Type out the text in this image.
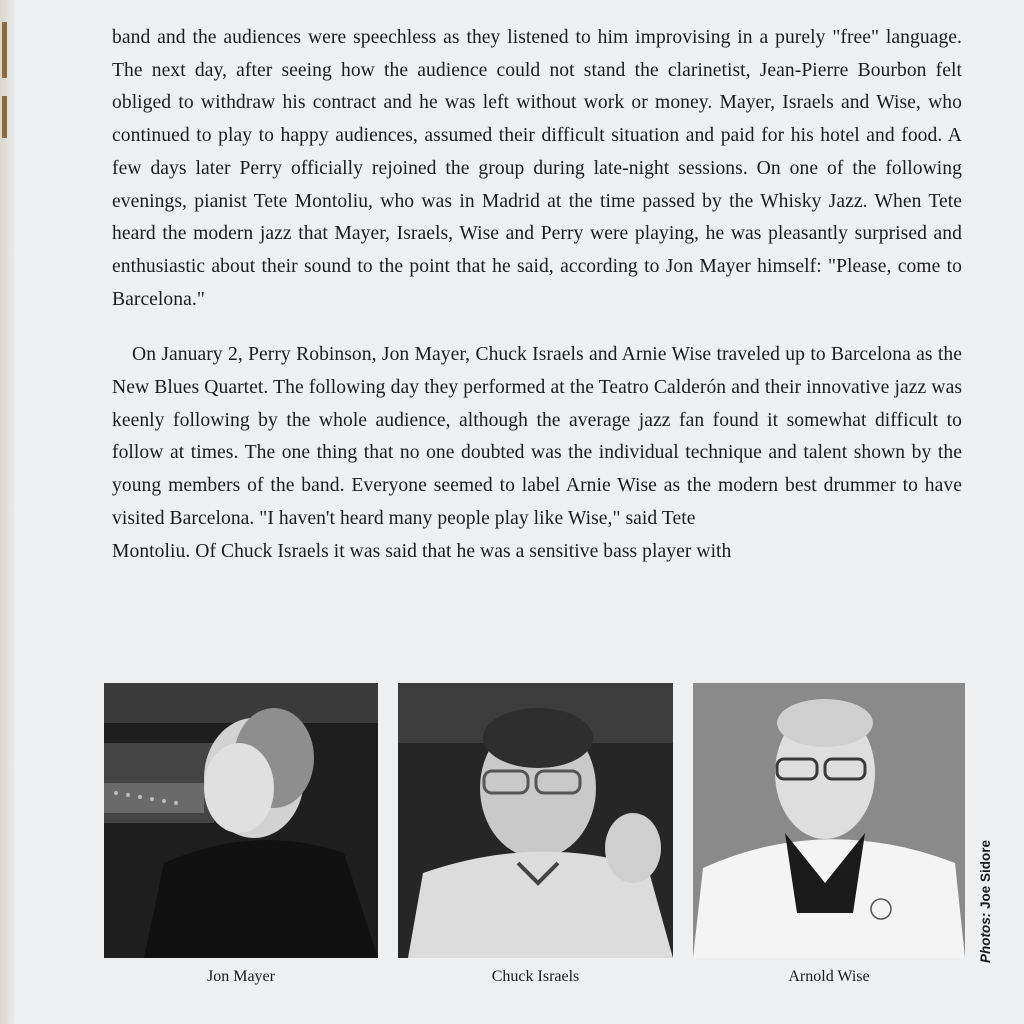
band and the audiences were speechless as they listened to him improvising in a purely "free" language. The next day, after seeing how the audience could not stand the clarinetist, Jean-Pierre Bourbon felt obliged to withdraw his contract and he was left without work or money. Mayer, Israels and Wise, who continued to play to happy audiences, assumed their difficult situation and paid for his hotel and food. A few days later Perry officially rejoined the group during late-night sessions. On one of the following evenings, pianist Tete Montoliu, who was in Madrid at the time passed by the Whisky Jazz. When Tete heard the modern jazz that Mayer, Israels, Wise and Perry were playing, he was pleasantly surprised and enthusiastic about their sound to the point that he said, according to Jon Mayer himself: "Please, come to Barcelona."

On January 2, Perry Robinson, Jon Mayer, Chuck Israels and Arnie Wise traveled up to Barcelona as the New Blues Quartet. The following day they performed at the Teatro Calderón and their innovative jazz was keenly following by the whole audience, although the average jazz fan found it somewhat difficult to follow at times. The one thing that no one doubted was the individual technique and talent shown by the young members of the band. Everyone seemed to label Arnie Wise as the modern best drummer to have visited Barcelona. "I haven't heard many people play like Wise," said Tete
Montoliu. Of Chuck Israels it was said that he was a sensitive bass player with

Jon Mayer	Chuck Israels	Arnold Wise
Photos: Joe Sidore
